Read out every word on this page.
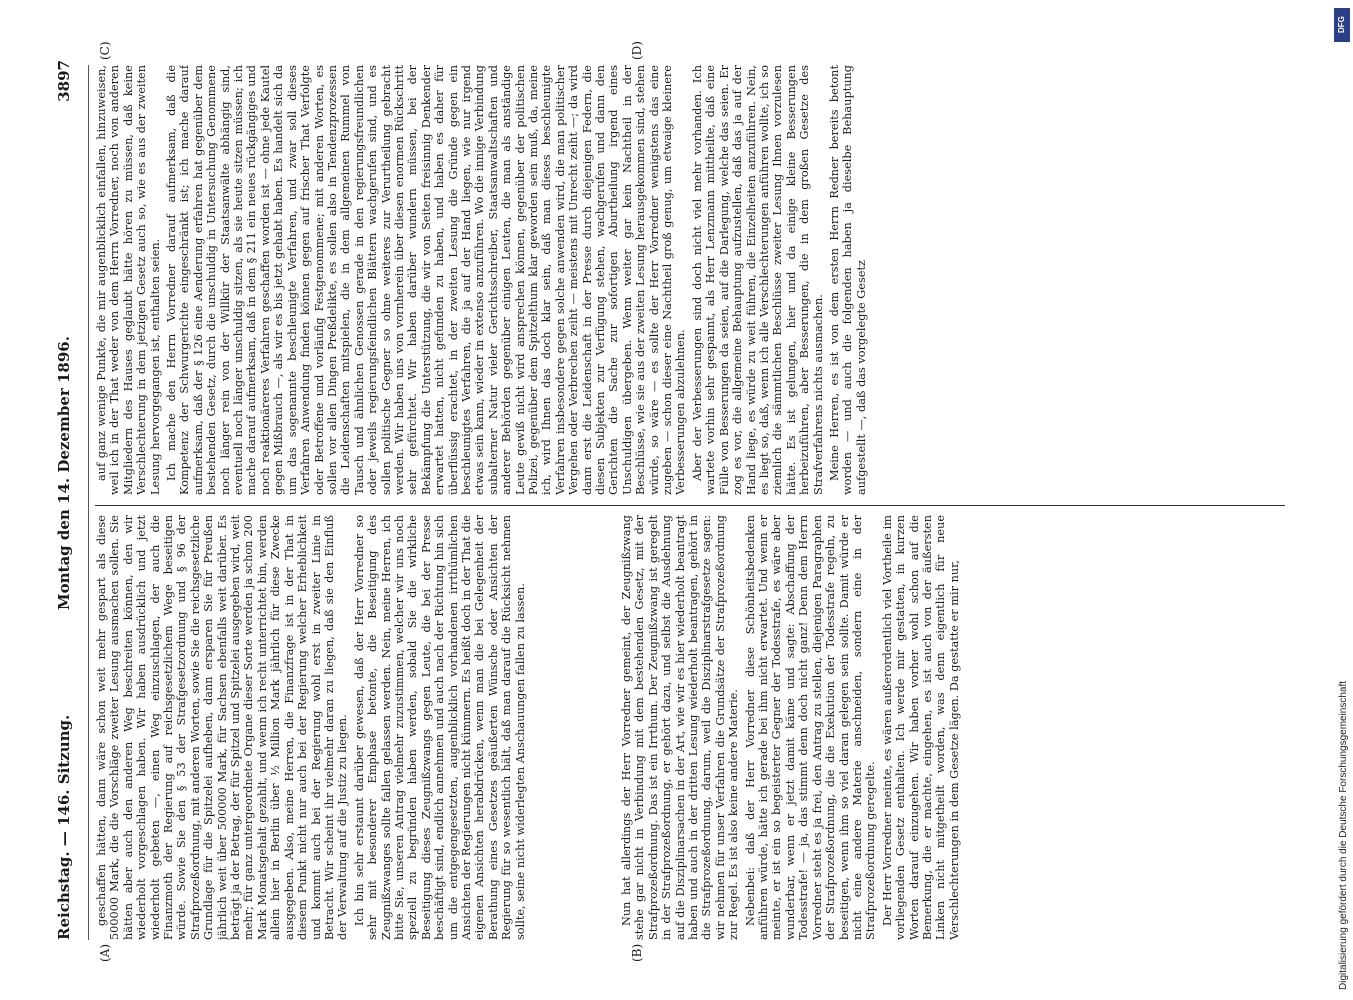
Reichstag. — 146. Sitzung.
Montag den 14. Dezember 1896.
3897
(A)	(B)
(C)	(D)

geschaffen hätten, dann wäre schon weit mehr gespart als diese 500000 Mark, die die Vorschläge zweiter Lesung ausmachen sollen. Sie hätten aber auch den anderen Weg beschreiten können, den wir wiederholt vorgeschlagen haben. Wir haben ausdrücklich und jetzt wiederholt gebeten —, einen Weg einzuschlagen, der auch die Finanzmoth der Regierung auf reichsgesetzlichem Wege beseitigen würde. Sowie Sie den § 53 der Strafgesetzordnung und § 96 der Strafprozeßordnung, mit anderen Worten, sowie Sie die reichsgesetzliche Grundlage für die Spitzelei aufheben, dann ersparen Sie für Preußen jährlich weit über 500000 Mark, für Sachsen ebenfalls weit darüber. Es beträgt ja der Betrag, der für Spitzel und Spitzelei ausgegeben wird, weit mehr; für ganz untergeordnete Organe dieser Sorte werden ja schon 200 Mark Monatsgehalt gezahlt, und wenn ich recht unterrichtet bin, werden allein hier in Berlin über ½ Million Mark jährlich für diese Zwecke ausgegeben. Also, meine Herren, die Finanzfrage ist in der That in diesem Punkt nicht nur auch bei der Regierung welcher Erheblichkeit und kommt auch bei der Regierung wohl erst in zweiter Linie in Betracht. Wir scheint ihr vielmehr daran zu liegen, daß sie den Einfluß der Verwaltung auf die Justiz zu liegen. Ich bin sehr erstaunt darüber gewesen, daß der Herr Vorredner so sehr mit besonderer Emphase betonte, die Beseitigung des Zeugnißzwanges sollte fallen gelassen werden. Nein, meine Herren, ich bitte Sie, unseren Antrag vielmehr zuzustimmen, welcher wir uns noch speziell zu begründen haben werden, sobald Sie die wirkliche Beseitigung dieses Zeugnißzwangs gegen Leute, die bei der Presse beschäftigt sind, endlich annehmen und auch nach der Richtung hin sich um die entgegengesetzten, augenblicklich vorhandenen irrthümlichen Ansichten der Regierungen nicht kümmern. Es heißt doch in der That die eigenen Ansichten herabdrücken, wenn man die bei Gelegenheit der Berathung eines Gesetzes geäußerten Wünsche oder Ansichten der Regierung für so wesentlich hält, daß man darauf die Rücksicht nehmen sollte, seine nicht widerlegten Anschauungen fallen zu lassen.	Nun hat allerdings der Herr Vorredner gemeint, der Zeugnißzwang stehe gar nicht in Verbindung mit dem bestehenden Gesetz, mit der Strafprozeßordnung. Das ist ein Irrthum. Der Zeugnißzwang ist geregelt in der Strafprozeßordnung, er gehört dazu, und selbst die Ausdehnung auf die Disziplinarsachen in der Art, wie wir es hier wiederholt beantragt haben und auch in der dritten Lesung wiederholt beantragen, gehört in die Strafprozeßordnung, darum, weil die Disziplinarstrafgesetze sagen: wir nehmen für unser Verfahren die Grundsätze der Strafprozeßordnung zur Regel. Es ist also keine andere Materie. Nebenbei: daß der Herr Vorredner diese Schönheitsbedenken anführen würde, hätte ich gerade bei ihm nicht erwartet. Und wenn er meinte, er ist ein so begeisterter Gegner der Todesstrafe, es wäre aber wunderbar, wenn er jetzt damit käme und sagte: Abschaffung der Todesstrafe! — ja, das stimmt denn doch nicht ganz! Denn dem Herrn Vorredner steht es ja frei, den Antrag zu stellen, diejenigen Paragraphen der Strafprozeßordnung, die die Exekution der Todesstrafe regeln, zu beseitigen, wenn ihm so viel daran gelegen sein sollte. Damit würde er nicht eine andere Materie anschneiden, sondern eine in der Strafprozeßordnung geregelte. Der Herr Vorredner meinte, es wären außerordentlich viel Vortheile im vorliegenden Gesetz enthalten. Ich werde mir gestatten, in kurzen Worten darauf einzugehen. Wir haben vorher wohl schon auf die Bemerkung, die er machte, eingehen, es ist auch von der äußersten Linken nicht mitgetheilt worden, was denn eigentlich für neue Verschlechterungen in dem Gesetze lägen. Da gestatte er mir nur,

auf ganz wenige Punkte, die mir augenblicklich einfallen, hinzuweisen, weil ich in der That weder von dem Herrn Vorredner, noch von anderen Mitgliedern des Hauses geglaubt hätte hören zu müssen, daß keine Verschlechterung in dem jetzigen Gesetz auch so, wie es aus der zweiten Lesung hervorgegangen ist, enthalten seien. Ich mache den Herrn Vorredner darauf aufmerksam, daß die Kompetenz der Schwurgerichte eingeschränkt ist; ich mache darauf aufmerksam, daß der § 126 eine Aenderung erfahren hat gegenüber dem bestehenden Gesetz, durch die unschuldig in Untersuchung Genommene noch länger rein von der Willkür der Staatsanwälte abhängig sind, eventuell noch länger unschuldig sitzen, als sie heute sitzen müssen; ich mache darauf aufmerksam, daß in dem § 211 ein neues rückgängiges und noch reaktionäreres Verfahren geschaffen worden ist — ohne jede Kautel gegen Mißbrauch —, als wir es bis jetzt gehabt haben. Es handelt sich da um das sogenannte beschleunigte Verfahren, und zwar soll dieses Verfahren Anwendung finden können gegen auf frischer That Verfolgte oder Betroffene und vorläufig Festgenommene; mit anderen Worten, es sollen vor allen Dingen Preßdelikte, es sollen also in Tendenzprozessen die Leidenschaften mitspielen, die in dem allgemeinen Rummel von Tausch und ähnlichen Genossen gerade in den regierungsfreundlichen oder jeweils regierungsfeindlichen Blättern wachgerufen sind, und es sollen politische Gegner so ohne weiteres zur Verurtheilung gebracht werden. Wir haben uns von vornherein über diesen enormen Rückschritt sehr gefürchtet. Wir haben darüber wundern müssen, bei der Bekämpfung die Unterstützung, die wir von Seiten freisinnig Denkender erwartet hatten, nicht gefunden zu haben, und haben es daher für überflüssig erachtet, in der zweiten Lesung die Gründe gegen ein beschleunigtes Verfahren, die ja auf der Hand liegen, wie nur irgend etwas sein kann, wieder in extenso anzuführen. Wo die innige Verbindung subalterner Natur vieler Gerichtsschreiber, Staatsanwaltschaften und anderer Behörden gegenüber einigen Leuten, die man als anständige Leute gewiß nicht wird ansprechen können, gegenüber der politischen Polizei, gegenüber dem Spitzelthum klar geworden sein muß, da, meine ich, wird Ihnen das doch klar sein, daß man dieses beschleunigte Verfahren insbesondere gegen solche anwenden wird, die man politischer Vergehen oder Verbrechen zeiht — meistens mit Unrecht zeiht —; da wird dann erst die Leidenschaft in der Presse durch diejenigen Federn, die diesen Subjekten zur Verfügung stehen, wachgerufen und dann den Gerichten die Sache zur sofortigen Aburtheilung irgend eines Unschuldigen übergeben. Wenn weiter gar kein Nachtheil in der Beschlüsse, wie sie aus der zweiten Lesung herausgekommen sind, stehen würde, so wäre — es sollte der Herr Vorredner wenigstens das eine zugeben — schon dieser eine Nachtheil groß genug, um etwaige kleinere Verbesserungen abzulehnen. Aber der Verbesserungen sind doch nicht viel mehr vorhanden. Ich wartete vorhin sehr gespannt, als Herr Lenzmann mittheilte, daß eine Fülle von Besserungen da seien, auf die Darlegung, welche das seien. Er zog es vor, die allgemeine Behauptung aufzustellen, daß das ja auf der Hand liege, es würde zu weit führen, die Einzelheiten anzuführen. Nein, es liegt so, daß, wenn ich alle Verschlechterungen anführen wollte, ich so ziemlich die sämmtlichen Beschlüsse zweiter Lesung Ihnen vorzulesen hätte. Es ist gelungen, hier und da einige kleine Besserungen herbeizuführen, aber Besserungen, die in dem großen Gesetze des Strafverfahrens nichts ausmachen. Meine Herren, es ist von dem ersten Herrn Redner bereits betont worden — und auch die folgenden haben ja dieselbe Behauptung aufgestellt —, daß das vorgelegte Gesetz

DFG
Digitalisierung gefördert durch die Deutsche Forschungsgemeinschaft
